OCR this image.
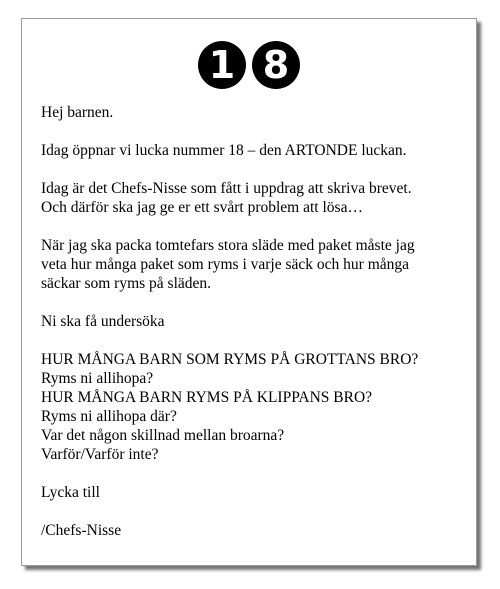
1 8
Hej barnen.
Idag öppnar vi lucka nummer 18 – den ARTONDE luckan.
Idag är det Chefs-Nisse som fått i uppdrag att skriva brevet.
Och därför ska jag ge er ett svårt problem att lösa…
När jag ska packa tomtefars stora släde med paket måste jag
veta hur många paket som ryms i varje säck och hur många
säckar som ryms på släden.
Ni ska få undersöka
HUR MÅNGA BARN SOM RYMS PÅ GROTTANS BRO?
Ryms ni allihopa?
HUR MÅNGA BARN RYMS PÅ KLIPPANS BRO?
Ryms ni allihopa där?
Var det någon skillnad mellan broarna?
Varför/Varför inte?
Lycka till
/Chefs-Nisse
